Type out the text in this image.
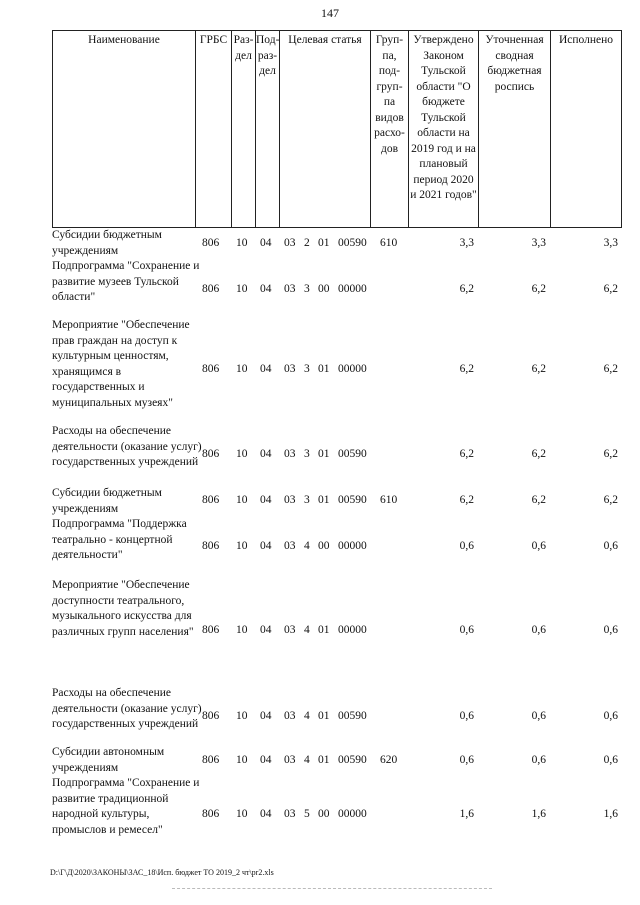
147
Наименование	ГРБС Раз-дел
Под-раз-дел
Целевая статья	Груп-па, под-груп-па видов расхо-дов
Утверждено Законом Тульской области "О бюджете Тульской области на 2019 год и на плановый период 2020 и 2021 годов"
Уточненная сводная бюджетная роспись
Исполнено
Субсидии бюджетным учреждениям
806 10 04 03 2 01 00590 610	3,3	3,3	3,3
Подпрограмма "Сохранение и развитие музеев Тульской области"
806 10 04 03 3 00 00000	6,2	6,2	6,2
Мероприятие "Обеспечение прав граждан на доступ к культурным ценностям, хранящимся в государственных и муниципальных музеях"
806 10 04 03 3 01 00000	6,2	6,2	6,2
Расходы на обеспечение деятельности (оказание услуг) государственных учреждений
806 10 04 03 3 01 00590	6,2	6,2	6,2
Субсидии бюджетным учреждениям
806 10 04 03 3 01 00590 610	6,2	6,2	6,2
Подпрограмма "Поддержка театрально - концертной деятельности"
806 10 04 03 4 00 00000	0,6	0,6	0,6
Мероприятие "Обеспечение доступности театрального, музыкального искусства для различных групп населения" 806 10 04 03 4 01 00000	0,6	0,6	0,6
Расходы на обеспечение деятельности (оказание услуг) государственных учреждений
806 10 04 03 4 01 00590	0,6	0,6	0,6
Субсидии автономным учреждениям
806 10 04 03 4 01 00590 620	0,6	0,6	0,6
Подпрограмма "Сохранение и развитие традиционной народной культуры, промыслов и ремесел"
806 10 04 03 5 00 00000	1,6	1,6	1,6
D:\Г\Д\2020\ЗАКОНЫ\ЗАС_18\Исп. бюджет ТО 2019_2 чт\pr2.xls
